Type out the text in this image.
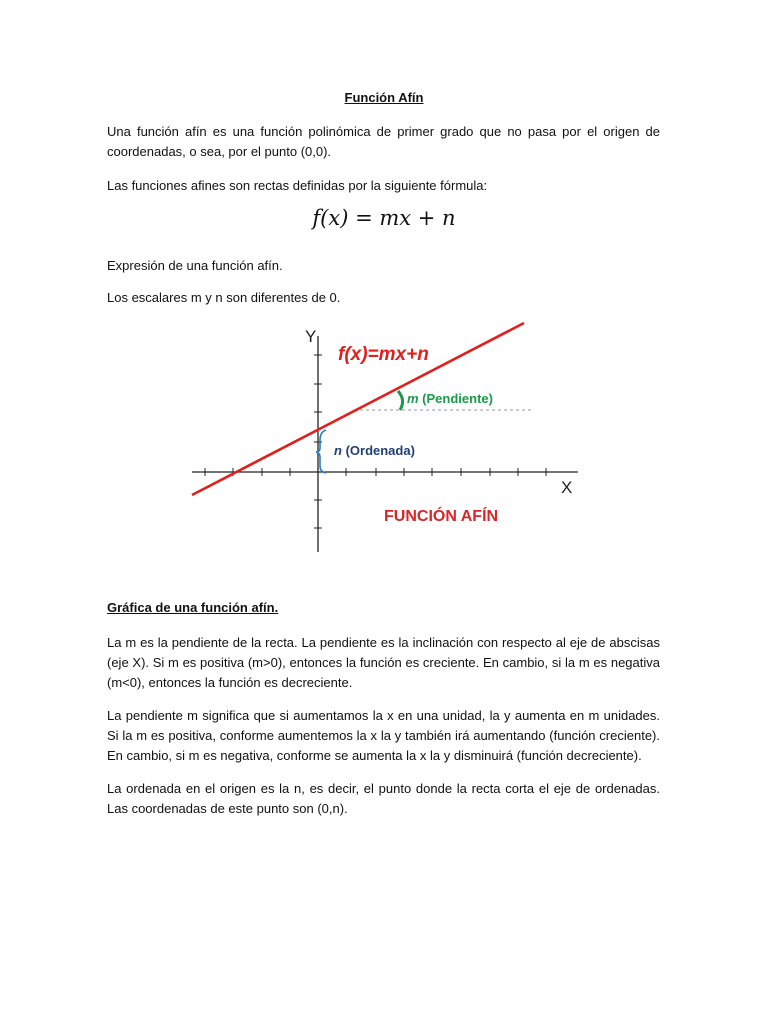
Función Afín
Una función afín es una función polinómica de primer grado que no pasa por el origen de coordenadas, o sea, por el punto (0,0).
Las funciones afines son rectas definidas por la siguiente fórmula:
f(x) = mx + n
Expresión de una función afín.
Los escalares m y n son diferentes de 0.
Y
X
f(x)=mx+n
m (Pendiente)
n (Ordenada)
FUNCIÓN AFÍN
Gráfica de una función afín.
La m es la pendiente de la recta. La pendiente es la inclinación con respecto al eje de abscisas (eje X). Si m es positiva (m>0), entonces la función es creciente. En cambio, si la m es negativa (m<0), entonces la función es decreciente.
La pendiente m significa que si aumentamos la x en una unidad, la y aumenta en m unidades. Si la m es positiva, conforme aumentemos la x la y también irá aumentando (función creciente). En cambio, si m es negativa, conforme se aumenta la x la y disminuirá (función decreciente).
La ordenada en el origen es la n, es decir, el punto donde la recta corta el eje de ordenadas. Las coordenadas de este punto son (0,n).
